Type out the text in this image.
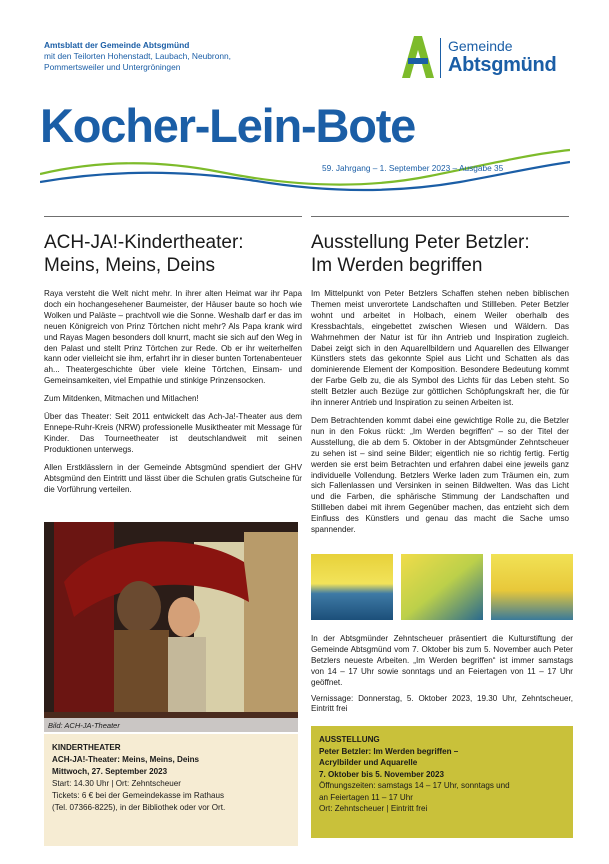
Amtsblatt der Gemeinde Abtsgmünd
mit den Teilorten Hohenstadt, Laubach, Neubronn,
Pommertsweiler und Untergröningen
Gemeinde
Abtsgmünd
Kocher-Lein-Bote
59. Jahrgang – 1. September 2023 – Ausgabe 35
ACH-JA!-Kindertheater:
Meins, Meins, Deins

Raya versteht die Welt nicht mehr. In ihrer alten Heimat war ihr Papa doch ein hochangesehener Baumeister, der Häuser baute so hoch wie Wolken und Paläste – prachtvoll wie die Sonne. Weshalb darf er das im neuen Königreich von Prinz Törtchen nicht mehr? Als Papa krank wird und Rayas Magen besonders doll knurrt, macht sie sich auf den Weg in den Palast und stellt Prinz Törtchen zur Rede. Ob er ihr weiterhelfen kann oder vielleicht sie ihm, erfahrt ihr in dieser bunten Tortenabenteuer ah... Theatergeschichte über viele kleine Törtchen, Einsam- und Gemeinsamkeiten, viel Empathie und stinkige Prinzensocken.

Zum Mitdenken, Mitmachen und Mitlachen!

Über das Theater: Seit 2011 entwickelt das Ach-Ja!-Theater aus dem Ennepe-Ruhr-Kreis (NRW) professionelle Musiktheater mit Message für Kinder. Das Tourneetheater ist deutschlandweit mit seinen Produktionen unterwegs.

Allen Erstklässlern in der Gemeinde Abtsgmünd spendiert der GHV Abtsgmünd den Eintritt und lässt über die Schulen gratis Gutscheine für die Vorführung verteilen.

Bild: ACH-JA-Theater
KINDERTHEATER
ACH-JA!-Theater: Meins, Meins, Deins
Mittwoch, 27. September 2023
Start: 14.30 Uhr | Ort: Zehntscheuer
Tickets: 6 € bei der Gemeindekasse im Rathaus
(Tel. 07366-8225), in der Bibliothek oder vor Ort.
Ausstellung Peter Betzler:
Im Werden begriffen

Im Mittelpunkt von Peter Betzlers Schaffen stehen neben biblischen Themen meist unverortete Landschaften und Stillleben. Peter Betzler wohnt und arbeitet in Holbach, einem Weiler oberhalb des Kressbachtals, eingebettet zwischen Wiesen und Wäldern. Das Wahrnehmen der Natur ist für ihn Antrieb und Inspiration zugleich. Dabei zeigt sich in den Aquarellbildern und Aquarellen des Ellwanger Künstlers stets das gekonnte Spiel aus Licht und Schatten als das dominierende Element der Komposition. Besondere Bedeutung kommt der Farbe Gelb zu, die als Symbol des Lichts für das Leben steht. So stellt Betzler auch Bezüge zur göttlichen Schöpfungskraft her, die für ihn innerer Antrieb und Inspiration zu seinen Arbeiten ist.

Dem Betrachtenden kommt dabei eine gewichtige Rolle zu, die Betzler nun in den Fokus rückt: „Im Werden begriffen“ – so der Titel der Ausstellung, die ab dem 5. Oktober in der Abtsgmünder Zehntscheuer zu sehen ist – sind seine Bilder; eigentlich nie so richtig fertig. Fertig werden sie erst beim Betrachten und erfahren dabei eine jeweils ganz individuelle Vollendung. Betzlers Werke laden zum Träumen ein, zum sich Fallenlassen und Versinken in seinen Bildwelten. Was das Licht und die Farben, die sphärische Stimmung der Landschaften und Stillleben dabei mit ihrem Gegenüber machen, das entzieht sich dem Einfluss des Künstlers und genau das macht die Sache umso spannender.

In der Abtsgmünder Zehntscheuer präsentiert die Kulturstiftung der Gemeinde Abtsgmünd vom 7. Oktober bis zum 5. November auch Peter Betzlers neueste Arbeiten. „Im Werden begriffen“ ist immer samstags von 14 – 17 Uhr sowie sonntags und an Feiertagen von 11 – 17 Uhr geöffnet.

Vernissage: Donnerstag, 5. Oktober 2023, 19.30 Uhr, Zehntscheuer, Eintritt frei

AUSSTELLUNG
Peter Betzler: Im Werden begriffen –
Acrylbilder und Aquarelle
7. Oktober bis 5. November 2023
Öffnungszeiten: samstags 14 – 17 Uhr, sonntags und
an Feiertagen 11 – 17 Uhr
Ort: Zehntscheuer | Eintritt frei
